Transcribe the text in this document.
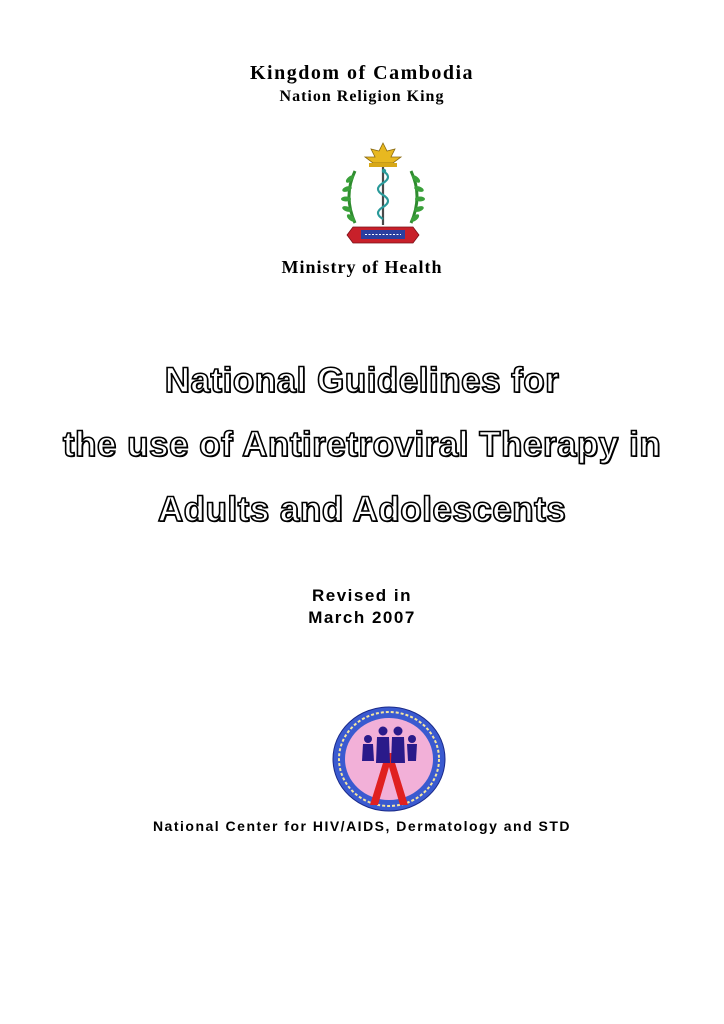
Kingdom of Cambodia
Nation Religion King
Ministry of Health
National Guidelines for
the use of Antiretroviral Therapy in
Adults and Adolescents
Revised in
March 2007
National Center for HIV/AIDS, Dermatology and STD
